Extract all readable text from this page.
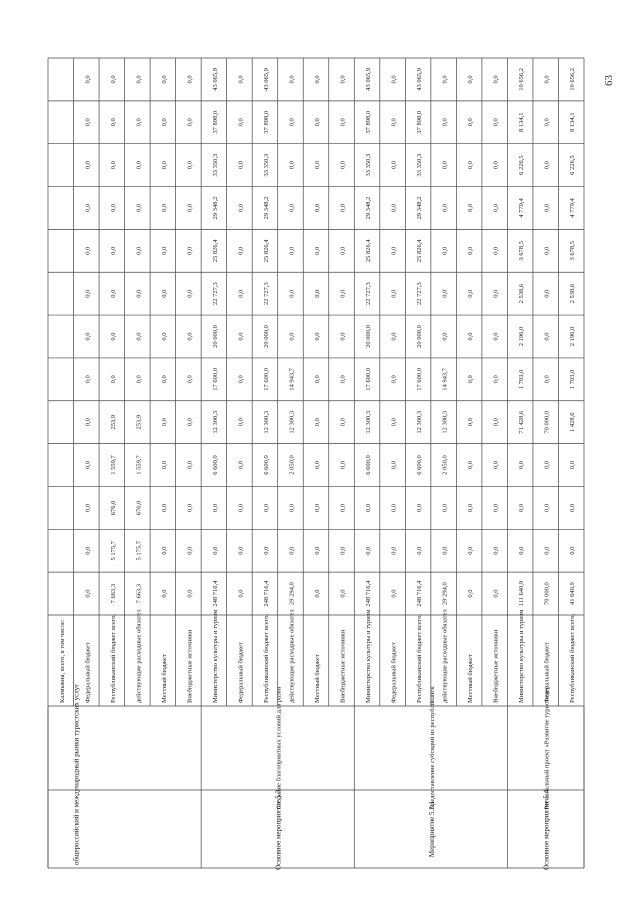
общероссийский и международный рынки туристских услуг	Основное мероприятие 5.3.
Создание благоприятных условий для разви
Мероприятие 5.3.1
Предоставление субсидий из республиканск
Основное мероприятие 5.4.
Региональный проект «Развитие туристичес
Калмыкия, всего, в том числе:	Федеральный бюджет
0,0
0,0
0,0
0,0
0,0
0,0
0,0
0,0
0,0
0,0
0,0
0,0
0,0
Республиканский бюджет всего,
7 663,3
5 175,7
676,0
1 559,7
253,9
0,0
0,0
0,0
0,0
0,0
0,0
0,0
0,0
действующие расходные обязател
7 663,3
5 175,7
676,0
1 559,7
253,9
0,0
0,0
0,0
0,0
0,0
0,0
0,0
0,0
Местный бюджет
0,0
0,0
0,0
0,0
0,0
0,0
0,0
0,0
0,0
0,0
0,0
0,0
0,0
Внебюджетные источники
0,0
0,0
0,0
0,0
0,0
0,0
0,0
0,0
0,0
0,0
0,0
0,0
0,0
Министерство культуры и туризм
248 716,4
0,0
0,0
6 600,0
12 300,3
17 600,0
20 000,0
22 727,3
25 826,4
29 348,2
33 350,3
37 898,0
43 065,9
Федеральный бюджет
0,0
0,0
0,0
0,0
0,0
0,0
0,0
0,0
0,0
0,0
0,0
0,0
0,0
Республиканский бюджет всего,
248 716,4
0,0
0,0
6 600,0
12 300,3
17 600,0
20 000,0
22 727,3
25 826,4
29 348,2
33 350,3
37 898,0
43 065,9
действующие расходные обязател
29 294,0
0,0
0,0
2 050,0
12 300,3
14 943,7
0,0
0,0
0,0
0,0
0,0
0,0
0,0
Местный бюджет
0,0
0,0
0,0
0,0
0,0
0,0
0,0
0,0
0,0
0,0
0,0
0,0
0,0
Внебюджетные источники
0,0
0,0
0,0
0,0
0,0
0,0
0,0
0,0
0,0
0,0
0,0
0,0
0,0
Министерство культуры и туризм
248 716,4
0,0
0,0
6 600,0
12 300,3
17 600,0
20 000,0
22 727,3
25 826,4
29 348,2
33 350,3
37 898,0
43 065,9
Федеральный бюджет
0,0
0,0
0,0
0,0
0,0
0,0
0,0
0,0
0,0
0,0
0,0
0,0
0,0
Республиканский бюджет всего,
248 716,4
0,0
0,0
6 600,0
12 300,3
17 600,0
20 000,0
22 727,3
25 826,4
29 348,2
33 350,3
37 898,0
43 065,9
действующие расходные обязател
29 294,0
0,0
0,0
2 050,0
12 300,3
14 943,7
0,0
0,0
0,0
0,0
0,0
0,0
0,0
Местный бюджет
0,0
0,0
0,0
0,0
0,0
0,0
0,0
0,0
0,0
0,0
0,0
0,0
0,0
Внебюджетные источники
0,0
0,0
0,0
0,0
0,0
0,0
0,0
0,0
0,0
0,0
0,0
0,0
0,0
Министерство культуры и туризм
111 640,9
0,0
0,0
0,0
71 428,6
1 703,0
2 196,0
2 538,6
3 678,5
4 779,4
6 226,5
8 134,1
10 656,2
Федеральный бюджет
70 000,0
0,0
0,0
0,0
70 000,0
0,0
0,0
0,0
0,0
0,0
0,0
0,0
0,0
Республиканский бюджет всего,
41 640,9
0,0
0,0
0,0
1 428,6
1 703,0
2 196,0
2 538,6
3 678,5
4 779,4
6 226,5
8 134,1
10 656,2 63
